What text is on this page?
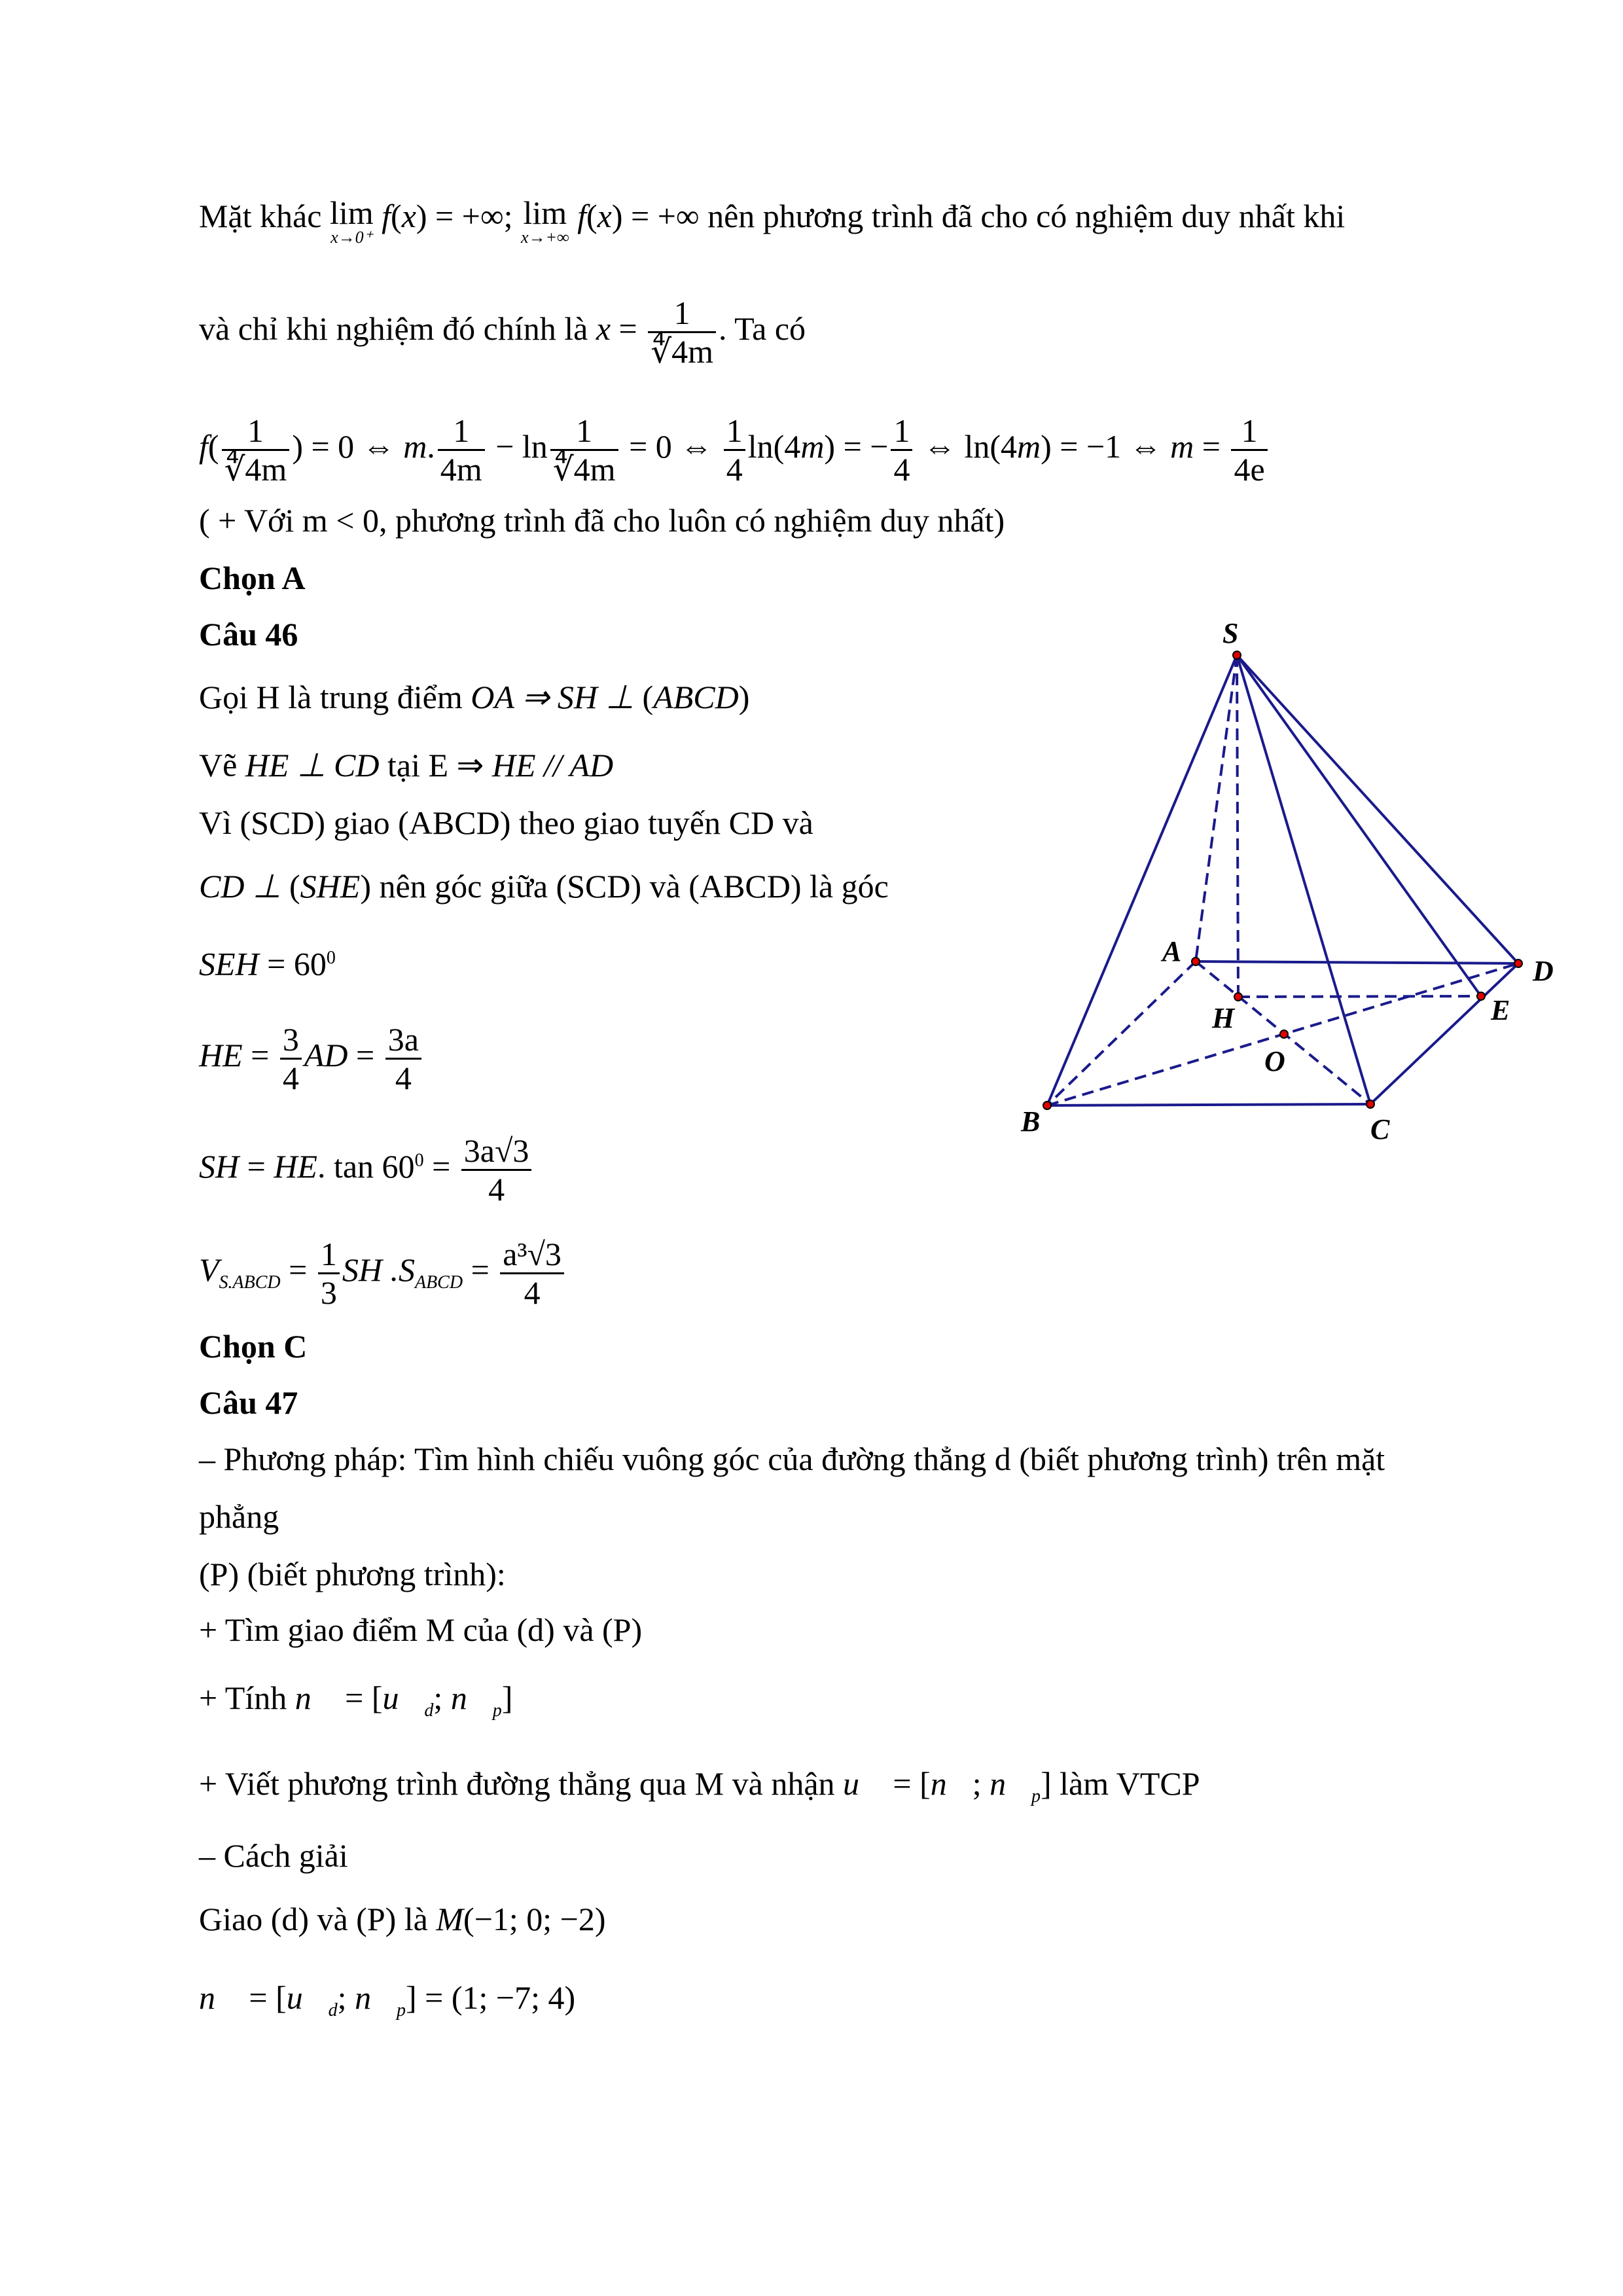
Mặt khác lim
x→0⁺
f(x) = +∞; lim
x→+∞
f(x) = +∞ nên phương trình đã cho có nghiệm duy nhất khi
và chỉ khi nghiệm đó chính là $x = \frac{1}{∜4m}$ . Ta có
$f( \frac{1}{∜4m}$ ) = 0 ⇔ m. $\frac{1}{4m} - \ln \frac{1}{∜4m} = 0$ ⇔ $\frac{1}{4} \ln(4m)$ = − $\frac{1}{4}$ ⇔ ln(4m) = −1 ⇔ $m = \frac{1}{4e}$
( + Với m < 0, phương trình đã cho luôn có nghiệm duy nhất)
Chọn A
Câu 46
Gọi H là trung điểm OA ⇒ SH ⊥ (ABCD)
Vẽ HE ⊥ CD tại E ⇒ HE // AD
Vì (SCD) giao (ABCD) theo giao tuyến CD và
CD ⊥ (SHE) nên góc giữa (SCD) và (ABCD) là góc
SEH = $60^0$
HE = $\frac{3}{4}$ AD = $\frac{3a}{4}$
SH = HE. $\tan 60^0 = \frac{3a√3}{4}$
$V_{S.ABCD} = \frac{1}{3}$ SH $.S_{ABCD} = \frac{\text{a³√3}}{4}$
Chọn C
Câu 47
– Phương pháp: Tìm hình chiếu vuông góc của đường thẳng d (biết phương trình) trên mặt
phẳng
(P) (biết phương trình):
+ Tìm giao điểm M của (d) và (P)
+ Tính n⃗ = [$u⃗_d$; $n⃗_p$]
+ Viết phương trình đường thẳng qua M và nhận u⃗ = [n⃗; $n⃗_p$] làm VTCP
– Cách giải
Giao (d) và (P) là M(−1; 0; −2)
n⃗ = [$u⃗_d$; $n⃗_p] = (1$; −7; 4)
S
A
D
H	E
O
B	C
